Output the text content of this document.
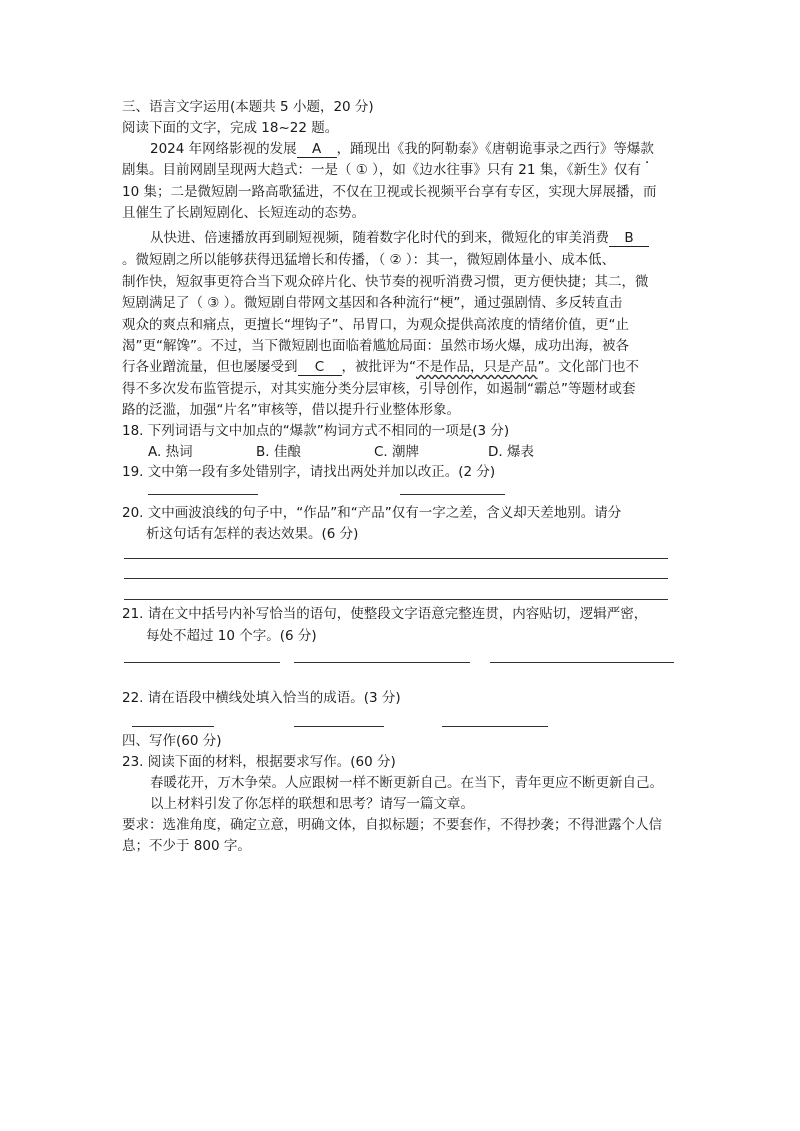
三、语言文字运用(本题共 5 小题，20 分)
阅读下面的文字，完成 18~22 题。
2024 年网络影视的发展 A ，踊现出《我的阿勒泰》《唐朝诡事录之西行》等爆款
剧集。目前网剧呈现两大趋式：一是（ ① ），如《边水往事》只有 21 集，《新生》仅有
10 集；二是微短剧一路高歌猛进，不仅在卫视或长视频平台享有专区，实现大屏展播，而
且催生了长剧短剧化、长短连动的态势。
从快进、倍速播放再到刷短视频，随着数字化时代的到来，微短化的审美消费 B
。微短剧之所以能够获得迅猛增长和传播，（ ② ）：其一，微短剧体量小、成本低、
制作快，短叙事更符合当下观众碎片化、快节奏的视听消费习惯，更方便快捷；其二，微
短剧满足了（ ③ ）。微短剧自带网文基因和各种流行“梗”，通过强剧情、多反转直击
观众的爽点和痛点，更擅长“埋钩子”、吊胃口，为观众提供高浓度的情绪价值，更“止
渴”更“解馋”。不过，当下微短剧也面临着尴尬局面：虽然市场火爆，成功出海，被各
行各业蹭流量，但也屡屡受到 C ，被批评为“不是作品，只是产品”。文化部门也不
得不多次发布监管提示，对其实施分类分层审核，引导创作，如遏制“霸总”等题材或套
路的泛滥，加强“片名”审核等，借以提升行业整体形象。
18. 下列词语与文中加点的“爆款”构词方式不相同的一项是(3 分)
A. 热词	B. 佳酿	C. 潮牌	D. 爆表
19. 文中第一段有多处错别字，请找出两处并加以改正。(2 分)
20. 文中画波浪线的句子中，“作品”和“产品”仅有一字之差，含义却天差地别。请分
析这句话有怎样的表达效果。(6 分)
21. 请在文中括号内补写恰当的语句，使整段文字语意完整连贯，内容贴切，逻辑严密，
每处不超过 10 个字。(6 分)
22. 请在语段中横线处填入恰当的成语。(3 分)
四、写作(60 分)
23. 阅读下面的材料，根据要求写作。(60 分)
春暖花开，万木争荣。人应跟树一样不断更新自己。在当下，青年更应不断更新自己。
以上材料引发了你怎样的联想和思考？请写一篇文章。
要求：选准角度，确定立意，明确文体，自拟标题；不要套作，不得抄袭；不得泄露个人信
息；不少于 800 字。
